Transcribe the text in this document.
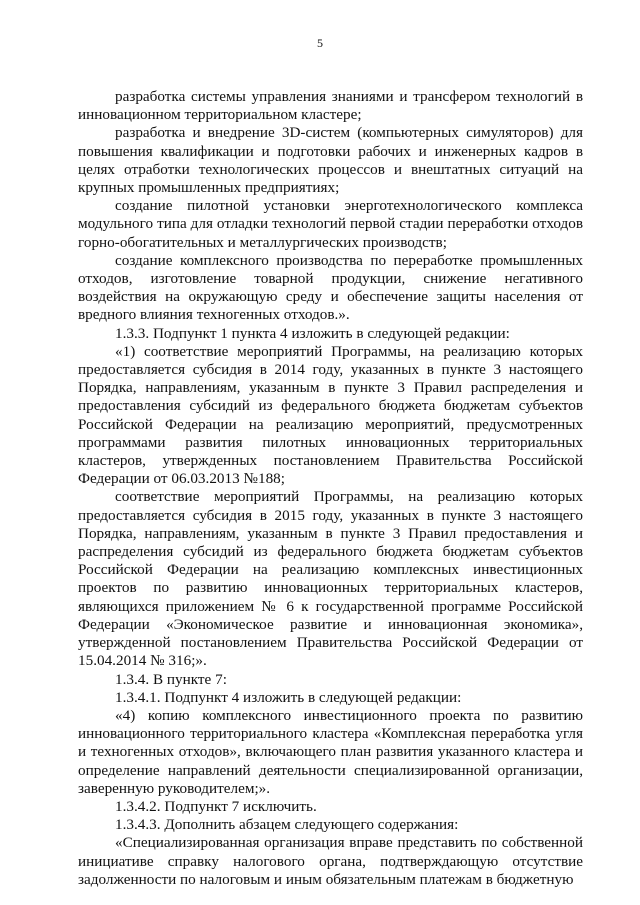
5

разработка системы управления знаниями и трансфером технологий в инновационном территориальном кластере;

разработка и внедрение 3D-систем (компьютерных симуляторов) для повышения квалификации и подготовки рабочих и инженерных кадров в целях отработки технологических процессов и внештатных ситуаций на крупных промышленных предприятиях;

создание пилотной установки энерготехнологического комплекса модульного типа для отладки технологий первой стадии переработки отходов горно-обогатительных и металлургических производств;

создание комплексного производства по переработке промышленных отходов, изготовление товарной продукции, снижение негативного воздействия на окружающую среду и обеспечение защиты населения от вредного влияния техногенных отходов.».

1.3.3. Подпункт 1 пункта 4 изложить в следующей редакции:

«1) соответствие мероприятий Программы, на реализацию которых предоставляется субсидия в 2014 году, указанных в пункте 3 настоящего Порядка, направлениям, указанным в пункте 3 Правил распределения и предоставления субсидий из федерального бюджета бюджетам субъектов Российской Федерации на реализацию мероприятий, предусмотренных программами развития пилотных инновационных территориальных кластеров, утвержденных постановлением Правительства Российской Федерации от 06.03.2013 №188;

соответствие мероприятий Программы, на реализацию которых предоставляется субсидия в 2015 году, указанных в пункте 3 настоящего Порядка, направлениям, указанным в пункте 3 Правил предоставления и распределения субсидий из федерального бюджета бюджетам субъектов Российской Федерации на реализацию комплексных инвестиционных проектов по развитию инновационных территориальных кластеров, являющихся приложением № 6 к государственной программе Российской Федерации «Экономическое развитие и инновационная экономика», утвержденной постановлением Правительства Российской Федерации от 15.04.2014 № 316;».

1.3.4. В пункте 7:

1.3.4.1. Подпункт 4 изложить в следующей редакции:

«4) копию комплексного инвестиционного проекта по развитию инновационного территориального кластера «Комплексная переработка угля и техногенных отходов», включающего план развития указанного кластера и определение направлений деятельности специализированной организации, заверенную руководителем;».

1.3.4.2. Подпункт 7 исключить.

1.3.4.3. Дополнить абзацем следующего содержания:

«Специализированная организация вправе представить по собственной инициативе справку налогового органа, подтверждающую отсутствие задолженности по налоговым и иным обязательным платежам в бюджетную
